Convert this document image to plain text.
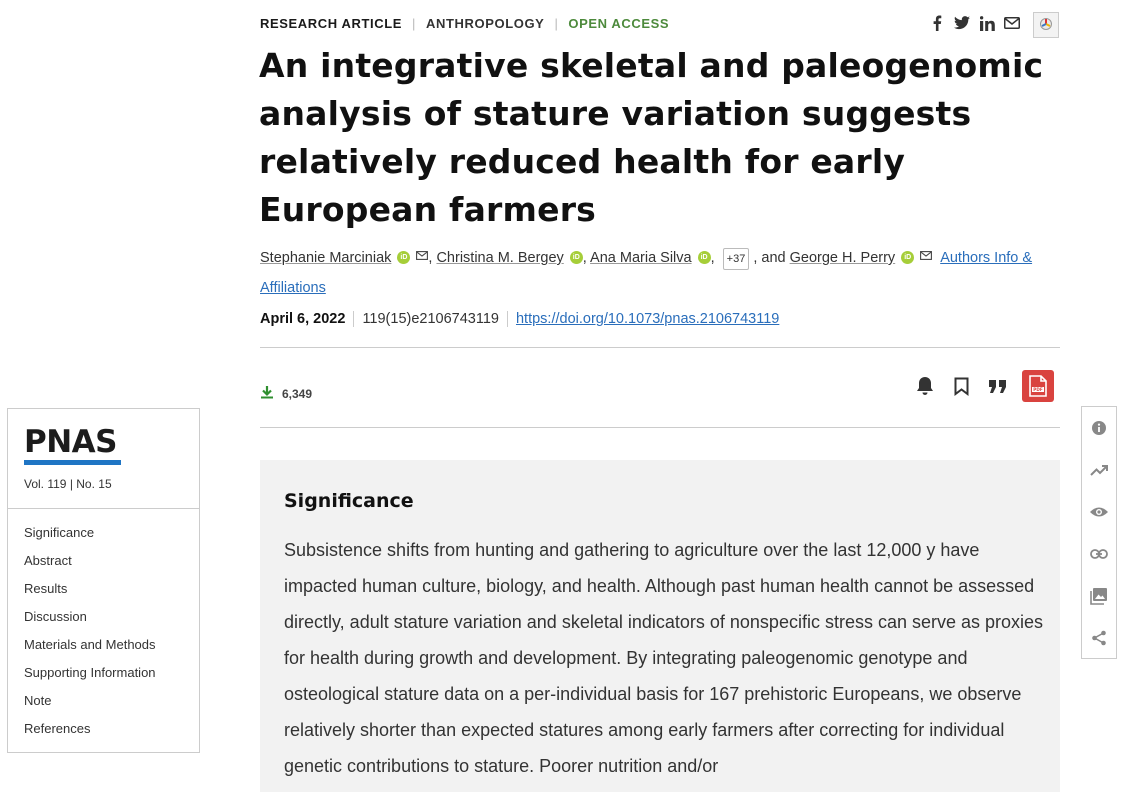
RESEARCH ARTICLE | ANTHROPOLOGY | OPEN ACCESS
An integrative skeletal and paleogenomic analysis of stature variation suggests relatively reduced health for early European farmers
Stephanie Marciniak iD , Christina M. Bergey iD , Ana Maria Silva iD , +37 , and George H. Perry iD Authors Info & Affiliations
April 6, 2022	119(15)e2106743119	https://doi.org/10.1073/pnas.2106743119
6,349	PDF
PNAS
Vol. 119 | No. 15
Significance
Abstract
Results
Discussion
Materials and Methods
Supporting Information
Note
References
Significance

Subsistence shifts from hunting and gathering to agriculture over the last 12,000 y have impacted human culture, biology, and health. Although past human health cannot be assessed directly, adult stature variation and skeletal indicators of nonspecific stress can serve as proxies for health during growth and development. By integrating paleogenomic genotype and osteological stature data on a per-individual basis for 167 prehistoric Europeans, we observe relatively shorter than expected statures among early farmers after correcting for individual genetic contributions to stature. Poorer nutrition and/or
